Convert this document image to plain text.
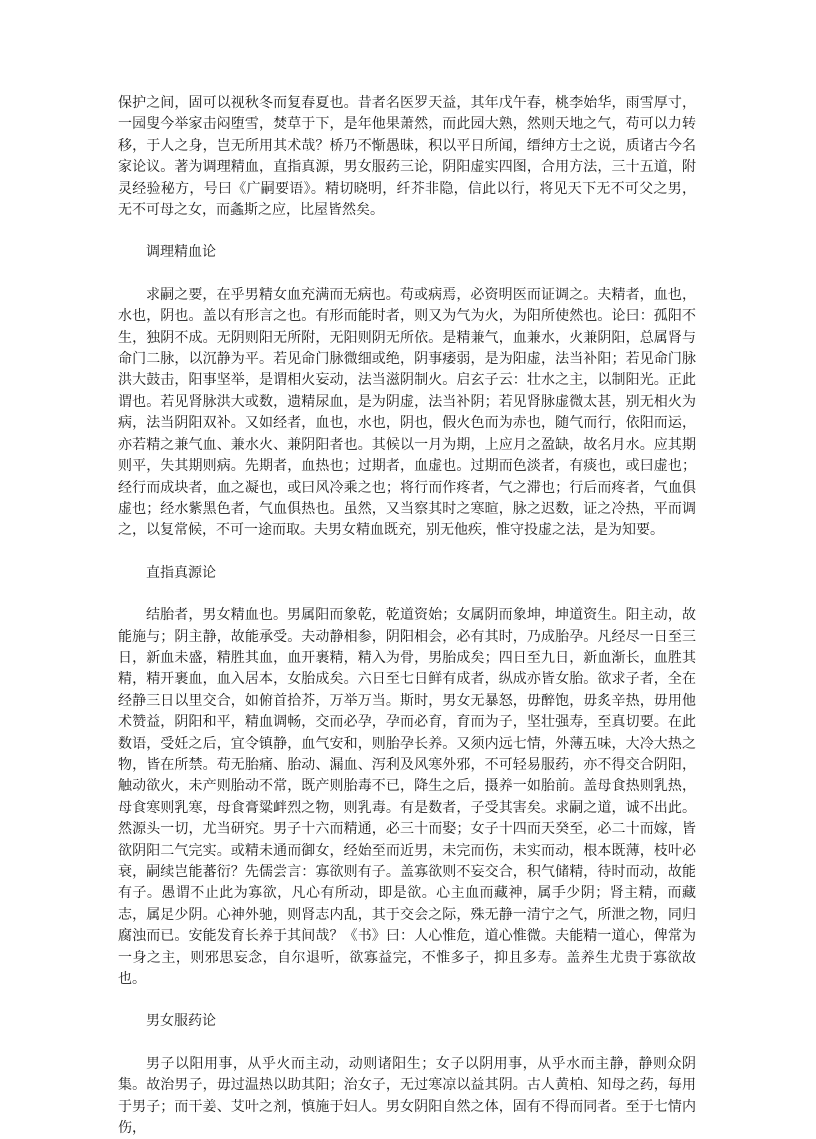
保护之间，固可以视秋冬而复春夏也。昔者名医罗天益，其年戊午春，桃李始华，雨雪厚寸，一园叟今举家击闷堕雪，焚草于下，是年他果萧然，而此园大熟，然则天地之气，苟可以力转移，于人之身，岂无所用其术哉？桥乃不惭愚昧，积以平日所闻，缙绅方士之说，质诸古今名家论议。著为调理精血，直指真源，男女服药三论，阴阳虚实四图，合用方法，三十五道，附灵经验秘方，号曰《广嗣要语》。精切晓明，纤芥非隐，信此以行，将见天下无不可父之男，无不可母之女，而螽斯之应，比屋皆然矣。

调理精血论

求嗣之要，在乎男精女血充满而无病也。苟或病焉，必资明医而证调之。夫精者，血也，水也，阴也。盖以有形言之也。有形而能时者，则又为气为火，为阳所使然也。论曰：孤阳不生，独阴不成。无阴则阳无所附，无阳则阴无所依。是精兼气，血兼水，火兼阴阳，总属肾与命门二脉，以沉静为平。若见命门脉微细或绝，阴事痿弱，是为阳虚，法当补阳；若见命门脉洪大鼓击，阳事坚举，是谓相火妄动，法当滋阴制火。启玄子云：壮水之主，以制阳光。正此谓也。若见肾脉洪大或数，遗精尿血，是为阴虚，法当补阴；若见肾脉虚微太甚，别无相火为病，法当阴阳双补。又如经者，血也，水也，阴也，假火色而为赤也，随气而行，依阳而运，亦若精之兼气血、兼水火、兼阴阳者也。其候以一月为期，上应月之盈缺，故名月水。应其期则平，失其期则病。先期者，血热也；过期者，血虚也。过期而色淡者，有痰也，或曰虚也；经行而成块者，血之凝也，或曰风冷乘之也；将行而作疼者，气之滞也；行后而疼者，气血俱虚也；经水紫黑色者，气血俱热也。虽然，又当察其时之寒暄，脉之迟数，证之冷热，平而调之，以复常候，不可一途而取。夫男女精血既充，别无他疾，惟守投虚之法，是为知要。

直指真源论

结胎者，男女精血也。男属阳而象乾，乾道资始；女属阴而象坤，坤道资生。阳主动，故能施与；阴主静，故能承受。夫动静相参，阴阳相会，必有其时，乃成胎孕。凡经尽一日至三日，新血未盛，精胜其血，血开裹精，精入为骨，男胎成矣；四日至九日，新血渐长，血胜其精，精开裹血，血入居本，女胎成矣。六日至七日鲜有成者，纵成亦皆女胎。欲求子者，全在经静三日以里交合，如俯首拾芥，万举万当。斯时，男女无暴怒，毋醉饱，毋炙辛热，毋用他术赞益，阴阳和平，精血调畅，交而必孕，孕而必育，育而为子，坚壮强寿，至真切要。在此数语，受妊之后，宜令镇静，血气安和，则胎孕长养。又须内远七情，外薄五味，大冷大热之物，皆在所禁。苟无胎痛、胎动、漏血、泻利及风寒外邪，不可轻易服药，亦不得交合阴阳，触动欲火，未产则胎动不常，既产则胎毒不已，降生之后，摄养一如胎前。盖母食热则乳热，母食寒则乳寒，母食膏粱衅烈之物，则乳毒。有是数者，子受其害矣。求嗣之道，诚不出此。然源头一切，尤当研究。男子十六而精通，必三十而娶；女子十四而天癸至，必二十而嫁，皆欲阴阳二气完实。或精未通而御女，经始至而近男，未完而伤，未实而动，根本既薄，枝叶必衰，嗣续岂能蕃衍？先儒尝言：寡欲则有子。盖寡欲则不妄交合，积气储精，待时而动，故能有子。愚谓不止此为寡欲，凡心有所动，即是欲。心主血而藏神，属手少阴；肾主精，而藏志，属足少阴。心神外驰，则肾志内乱，其于交会之际，殊无静一清宁之气，所泄之物，同归腐浊而已。安能发育长养于其间哉？《书》曰：人心惟危，道心惟微。夫能精一道心，俾常为一身之主，则邪思妄念，自尔退听，欲寡益完，不惟多子，抑且多寿。盖养生尤贵于寡欲故也。

男女服药论

男子以阳用事，从乎火而主动，动则诸阳生；女子以阴用事，从乎水而主静，静则众阴集。故治男子，毋过温热以助其阳；治女子，无过寒凉以益其阴。古人黄柏、知母之药，每用于男子；而干姜、艾叶之剂，慎施于妇人。男女阴阳自然之体，固有不得而同者。至于七情内伤，
